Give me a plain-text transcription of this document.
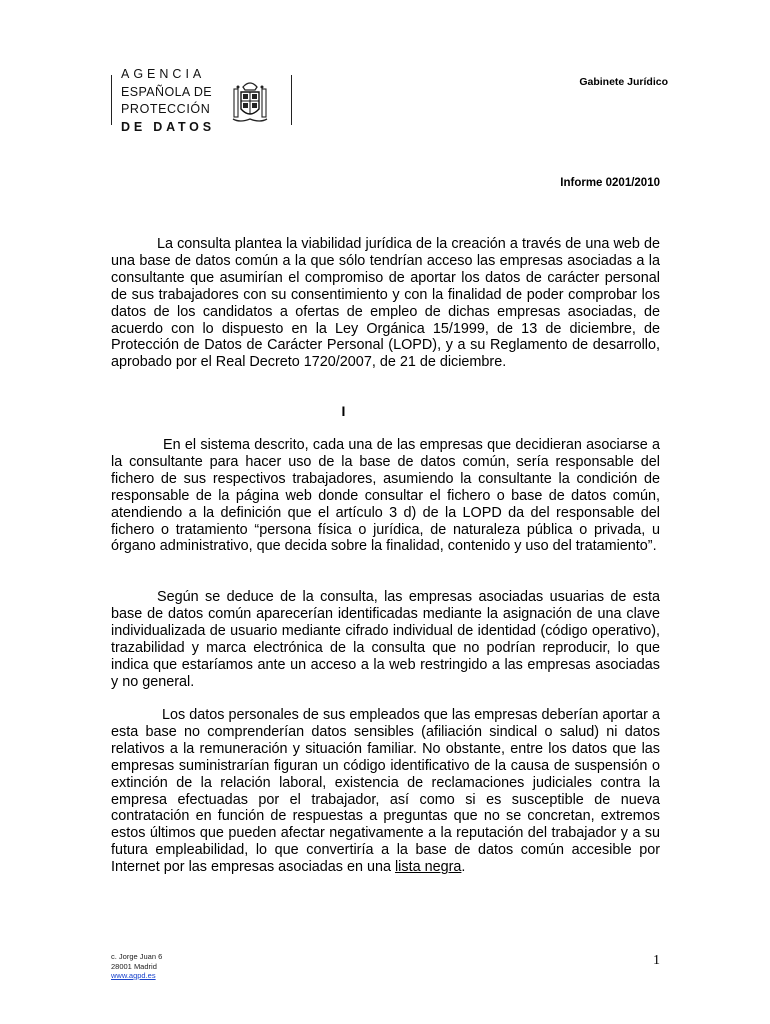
AGENCIA
ESPAÑOLA DE
PROTECCIÓN
DE DATOS
Gabinete Jurídico
Informe 0201/2010
La consulta plantea la viabilidad jurídica de la creación a través de una web de una base de datos común a la que sólo tendrían acceso las empresas asociadas a la consultante que asumirían el compromiso de aportar los datos de carácter personal de sus trabajadores con su consentimiento y con la finalidad de poder comprobar los datos de los candidatos a ofertas de empleo de dichas empresas asociadas, de acuerdo con lo dispuesto en la Ley Orgánica 15/1999, de 13 de diciembre, de Protección de Datos de Carácter Personal (LOPD), y a su Reglamento de desarrollo, aprobado por el Real Decreto 1720/2007, de 21 de diciembre.
I
En el sistema descrito, cada una de las empresas que decidieran asociarse a la consultante para hacer uso de la base de datos común, sería responsable del fichero de sus respectivos trabajadores, asumiendo la consultante la condición de responsable de la página web donde consultar el fichero o base de datos común, atendiendo a la definición que el artículo 3 d) de la LOPD da del responsable del fichero o tratamiento “persona física o jurídica, de naturaleza pública o privada, u órgano administrativo, que decida sobre la finalidad, contenido y uso del tratamiento”.
Según se deduce de la consulta, las empresas asociadas usuarias de esta base de datos común aparecerían identificadas mediante la asignación de una clave individualizada de usuario mediante cifrado individual de identidad (código operativo), trazabilidad y marca electrónica de la consulta que no podrían reproducir, lo que indica que estaríamos ante un acceso a la web restringido a las empresas asociadas y no general.
Los datos personales de sus empleados que las empresas deberían aportar a esta base no comprenderían datos sensibles (afiliación sindical o salud) ni datos relativos a la remuneración y situación familiar. No obstante, entre los datos que las empresas suministrarían figuran un código identificativo de la causa de suspensión o extinción de la relación laboral, existencia de reclamaciones judiciales contra la empresa efectuadas por el trabajador, así como si es susceptible de nueva contratación en función de respuestas a preguntas que no se concretan, extremos estos últimos que pueden afectar negativamente a la reputación del trabajador y a su futura empleabilidad, lo que convertiría a la base de datos común accesible por Internet por las empresas asociadas en una lista negra.
c. Jorge Juan 6
28001 Madrid
www.agpd.es
1
